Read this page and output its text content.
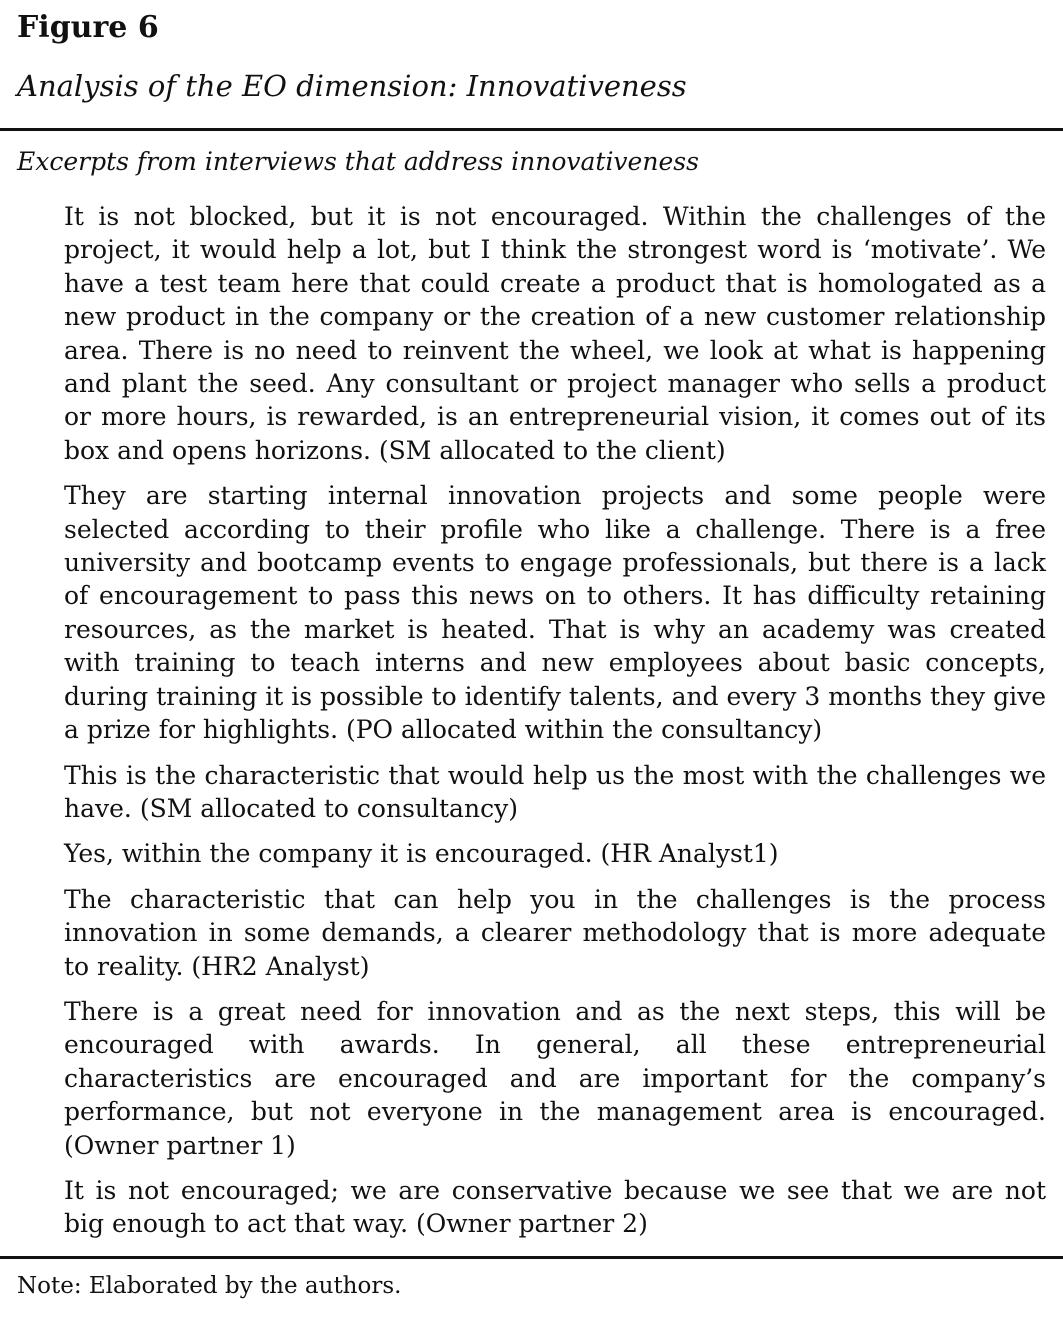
Figure 6
Analysis of the EO dimension: Innovativeness
Excerpts from interviews that address innovativeness

It is not blocked, but it is not encouraged. Within the challenges of the project, it would help a lot, but I think the strongest word is ‘motivate’. We have a test team here that could create a product that is homologated as a new product in the company or the creation of a new customer relationship area. There is no need to reinvent the wheel, we look at what is happening and plant the seed. Any consultant or project manager who sells a product or more hours, is rewarded, is an entrepreneurial vision, it comes out of its box and opens horizons. (SM allocated to the client)

They are starting internal innovation projects and some people were selected according to their profile who like a challenge. There is a free university and bootcamp events to engage professionals, but there is a lack of encouragement to pass this news on to others. It has difficulty retaining resources, as the market is heated. That is why an academy was created with training to teach interns and new employees about basic concepts, during training it is possible to identify talents, and every 3 months they give a prize for highlights. (PO allocated within the consultancy)

This is the characteristic that would help us the most with the challenges we have. (SM allocated to consultancy)

Yes, within the company it is encouraged. (HR Analyst1)

The characteristic that can help you in the challenges is the process innovation in some demands, a clearer methodology that is more adequate to reality. (HR2 Analyst)

There is a great need for innovation and as the next steps, this will be encouraged with awards. In general, all these entrepreneurial characteristics are encouraged and are important for the company’s performance, but not everyone in the management area is encouraged. (Owner partner 1)

It is not encouraged; we are conservative because we see that we are not big enough to act that way. (Owner partner 2)

Note: Elaborated by the authors.
